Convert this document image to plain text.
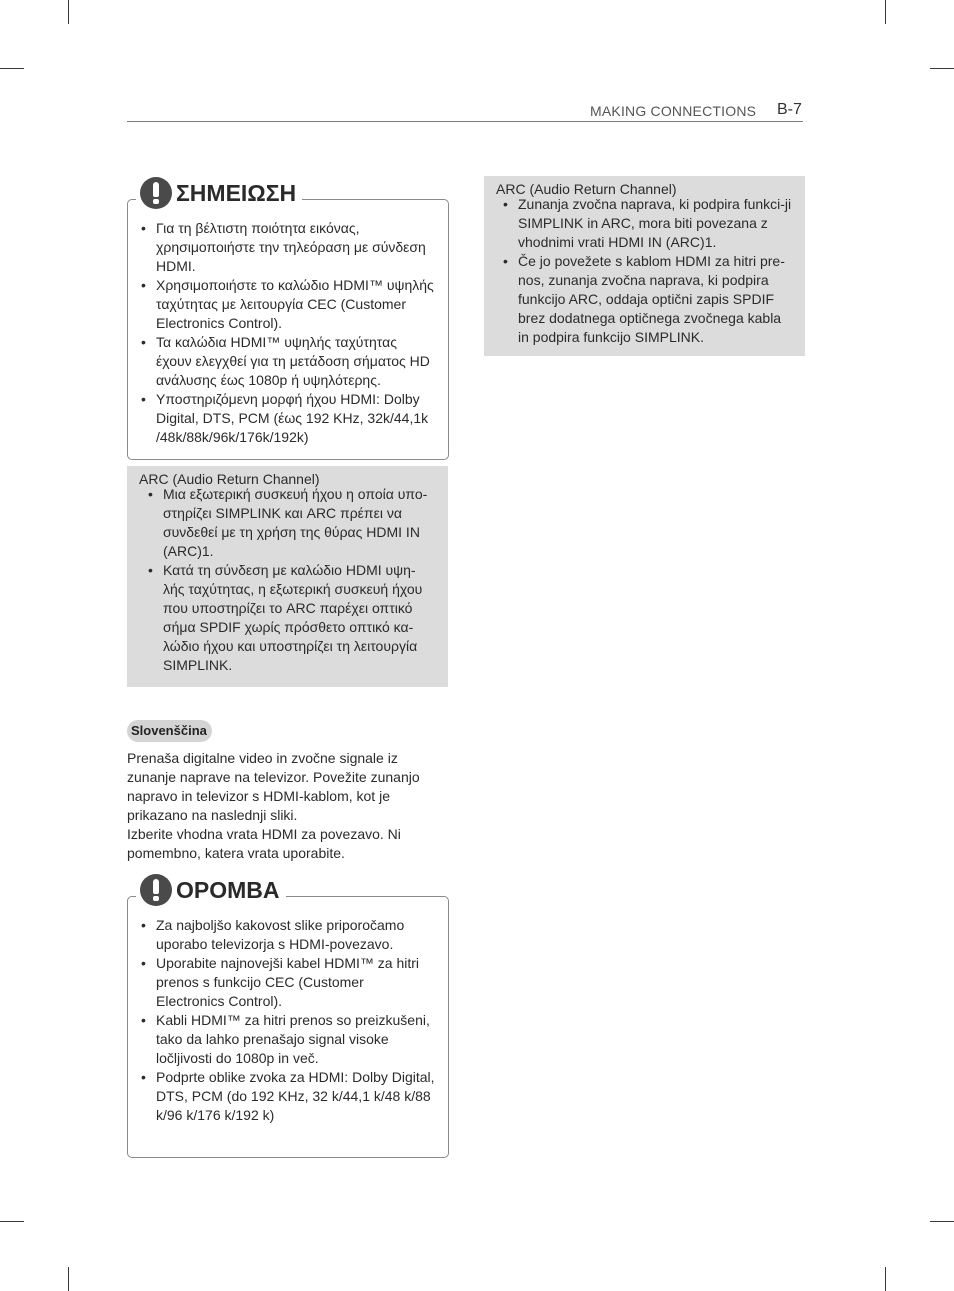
MAKING CONNECTIONS B-7
• Για τη βέλτιστη ποιότητα εικόνας, χρησιμοποιήστε την τηλεόραση με σύνδεση HDMI.
• Χρησιμοποιήστε το καλώδιο HDMI™ υψηλής ταχύτητας με λειτουργία CEC (Customer Electronics Control).
• Τα καλώδια HDMI™ υψηλής ταχύτητας έχουν ελεγχθεί για τη μετάδοση σήματος HD ανάλυσης έως 1080p ή υψηλότερης.
• Υποστηριζόμενη μορφή ήχου HDMI: Dolby Digital, DTS, PCM (έως 192 KHz, 32k/44,1k /48k/88k/96k/176k/192k)
ΣΗΜΕΙΩΣΗ
ARC (Audio Return Channel)
• Μια εξωτερική συσκευή ήχου η οποία υπο-στηρίζει SIMPLINK και ARC πρέπει να συνδεθεί με τη χρήση της θύρας HDMI IN (ARC)1.
• Κατά τη σύνδεση με καλώδιο HDMI υψη-λής ταχύτητας, η εξωτερική συσκευή ήχου που υποστηρίζει το ARC παρέχει οπτικό σήμα SPDIF χωρίς πρόσθετο οπτικό κα-λώδιο ήχου και υποστηρίζει τη λειτουργία SIMPLINK.
Slovenščina
Prenaša digitalne video in zvočne signale iz
zunanje naprave na televizor. Povežite zunanjo
napravo in televizor s HDMI-kablom, kot je
prikazano na naslednji sliki.
Izberite vhodna vrata HDMI za povezavo. Ni
pomembno, katera vrata uporabite.
• Za najboljšo kakovost slike priporočamo uporabo televizorja s HDMI-povezavo.
• Uporabite najnovejši kabel HDMI™ za hitri prenos s funkcijo CEC (Customer Electronics Control).
• Kabli HDMI™ za hitri prenos so preizkušeni, tako da lahko prenašajo signal visoke ločljivosti do 1080p in več.
• Podprte oblike zvoka za HDMI: Dolby Digital, DTS, PCM (do 192 KHz, 32 k/44,1 k/48 k/88 k/96 k/176 k/192 k)
OPOMBA
ARC (Audio Return Channel)
• Zunanja zvočna naprava, ki podpira funkci-ji SIMPLINK in ARC, mora biti povezana z vhodnimi vrati HDMI IN (ARC)1.
• Če jo povežete s kablom HDMI za hitri pre-nos, zunanja zvočna naprava, ki podpira funkcijo ARC, oddaja optični zapis SPDIF brez dodatnega optičnega zvočnega kabla in podpira funkcijo SIMPLINK.
